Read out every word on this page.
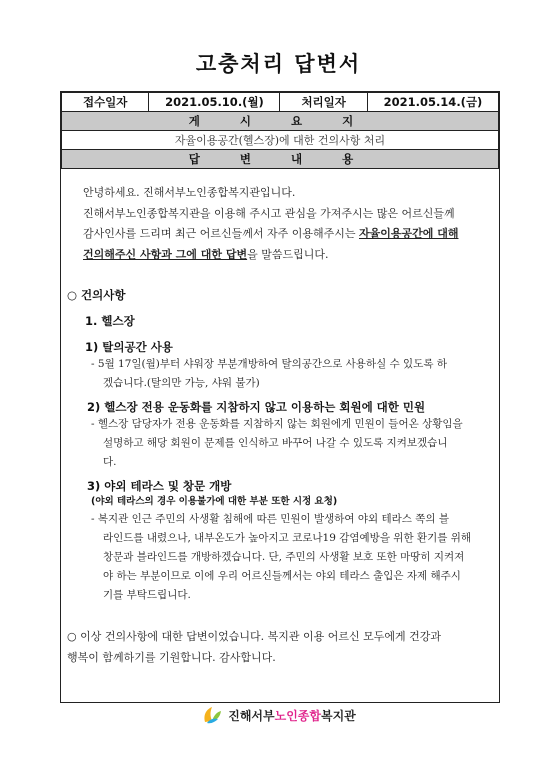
고충처리 답변서
접수일자	2021.05.10.(월)	처리일자	2021.05.14.(금)
게 시 요 지
자율이용공간(헬스장)에 대한 건의사항 처리
답 변 내 용
안녕하세요. 진해서부노인종합복지관입니다.
진해서부노인종합복지관을 이용해 주시고 관심을 가져주시는 많은 어르신들께
감사인사를 드리며 최근 어르신들께서 자주 이용해주시는 자율이용공간에 대해
건의해주신 사항과 그에 대한 답변을 말씀드립니다.
○ 건의사항
1. 헬스장
1) 탈의공간 사용
- 5월 17일(월)부터 샤워장 부분개방하여 탈의공간으로 사용하실 수 있도록 하
겠습니다.(탈의만 가능, 샤워 불가)
2) 헬스장 전용 운동화를 지참하지 않고 이용하는 회원에 대한 민원
- 헬스장 담당자가 전용 운동화를 지참하지 않는 회원에게 민원이 들어온 상황임을
설명하고 해당 회원이 문제를 인식하고 바꾸어 나갈 수 있도록 지켜보겠습니
다.
3) 야외 테라스 및 창문 개방
(야외 테라스의 경우 이용불가에 대한 부분 또한 시정 요청)
- 복지관 인근 주민의 사생활 침해에 따른 민원이 발생하여 야외 테라스 쪽의 블
라인드를 내렸으나, 내부온도가 높아지고 코로나19 감염예방을 위한 환기를 위해
창문과 블라인드를 개방하겠습니다. 단, 주민의 사생활 보호 또한 마땅히 지켜져
야 하는 부분이므로 이에 우리 어르신들께서는 야외 테라스 출입은 자제 해주시
기를 부탁드립니다.
○ 이상 건의사항에 대한 답변이었습니다. 복지관 이용 어르신 모두에게 건강과
행복이 함께하기를 기원합니다. 감사합니다.
진해서부노인종합복지관
